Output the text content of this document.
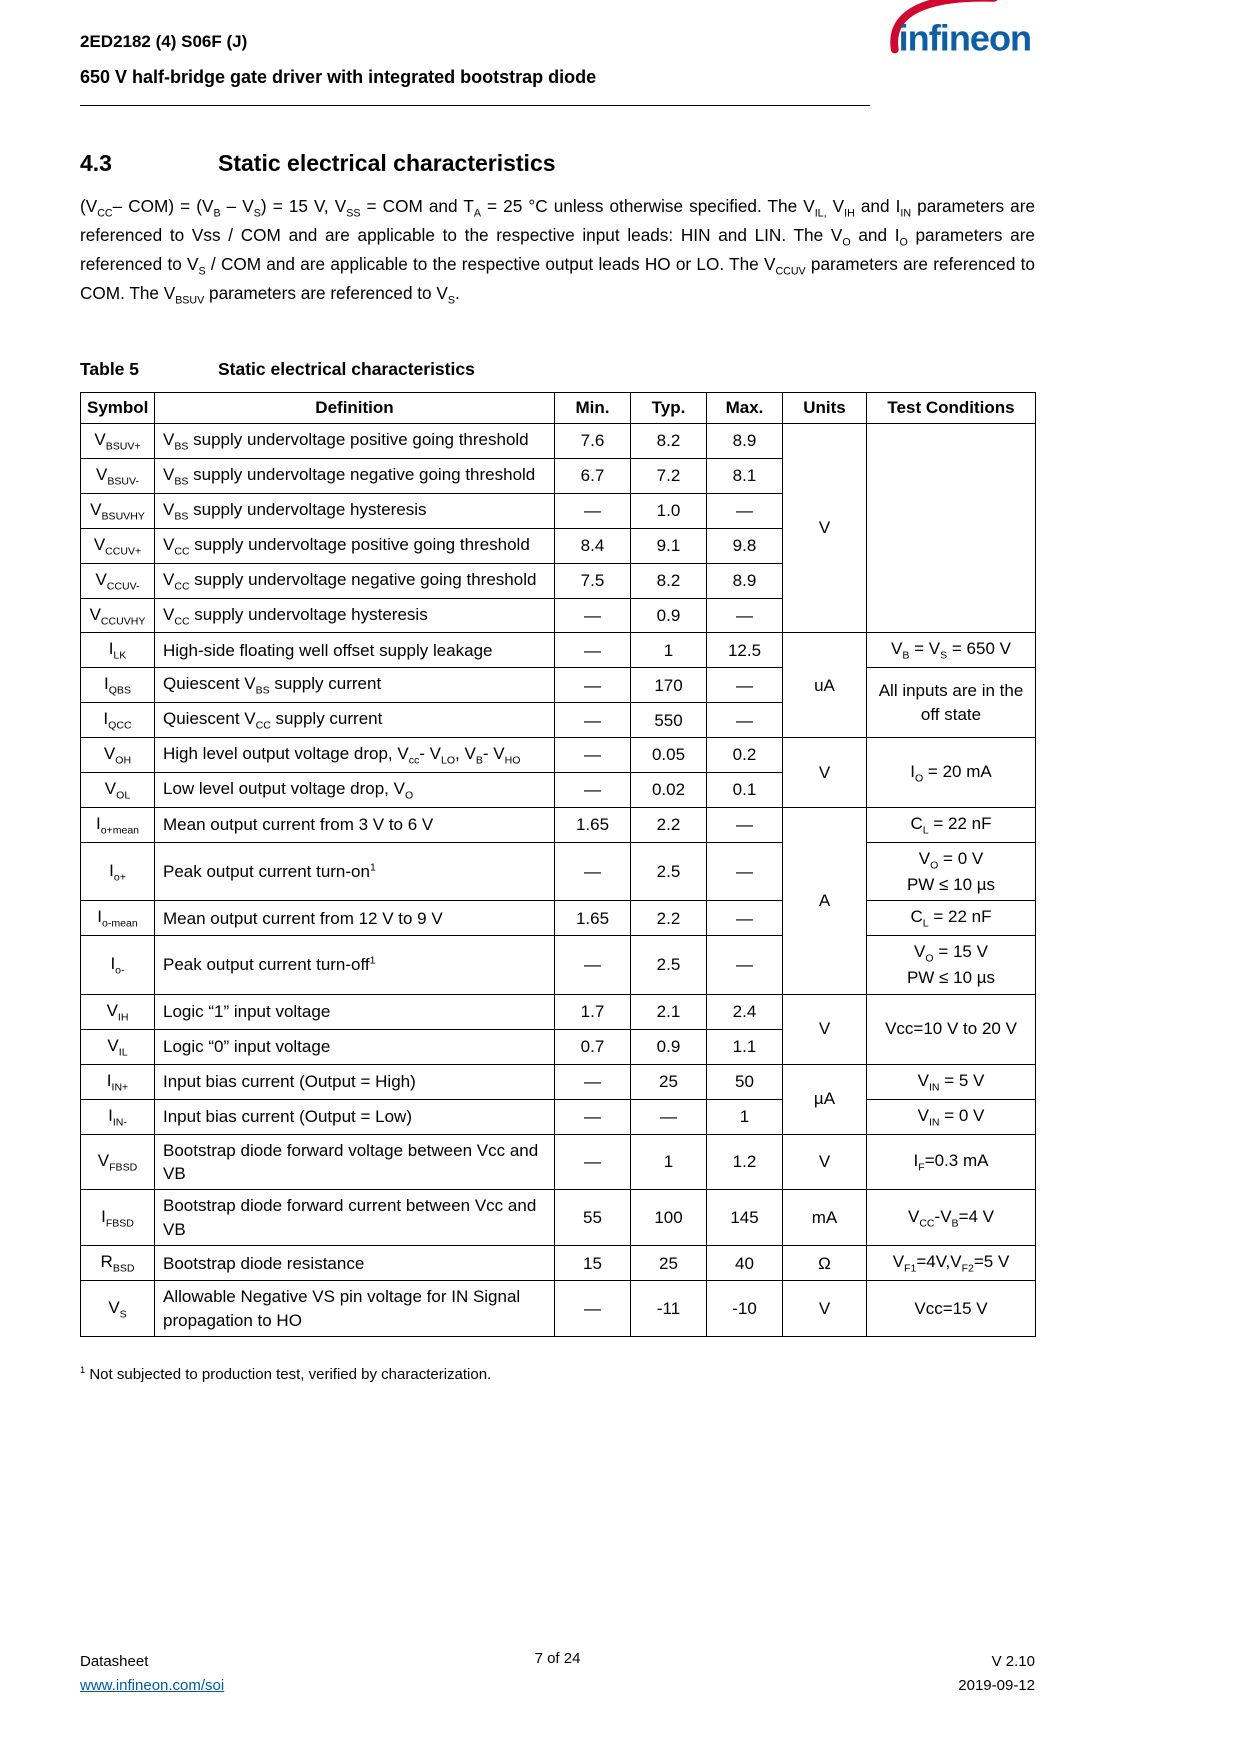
2ED2182 (4) S06F (J)
650 V half-bridge gate driver with integrated bootstrap diode
infineon
4.3	Static electrical characteristics

($V_{CC}-$ $COM) = (V_B - V_S) = 15$ V, $V_{SS}$ = COM and $T_A = 25$ °C unless otherwise specified. The $V_{IL,}$ $V_{IH}$ and $I_{IN}$ parameters are referenced to Vss / COM and are applicable to the respective input leads: HIN and LIN. The $V_O$ and $I_O$ parameters are referenced to $V_S$ / COM and are applicable to the respective output leads HO or LO. The $V_{CCUV}$ parameters are referenced to COM. The $V_{BSUV}$ parameters are referenced to $V_S$.

Table 5	Static electrical characteristics
Symbol	Definition	Min.	Typ.	Max.	Units	Test Conditions
$V_{BSUV+}$	$V_{BS}$ supply undervoltage positive going threshold	7.6	8.2	8.9	V	
$V_{BSUV-}$	$V_{BS}$ supply undervoltage negative going threshold	6.7	7.2	8.1		
$V_{BSUVHY}$	$V_{BS}$ supply undervoltage hysteresis	—	1.0	—		
$V_{CCUV+}$	$V_{CC}$ supply undervoltage positive going threshold	8.4	9.1	9.8		
$V_{CCUV-}$	$V_{CC}$ supply undervoltage negative going threshold	7.5	8.2	8.9		
$V_{CCUVHY}$	$V_{CC}$ supply undervoltage hysteresis	—	0.9	—		
$I_{LK}$	High-side floating well offset supply leakage	—	1	12.5	uA	$V_B = V_S = 650$ V
$I_{QBS}$	Quiescent $V_{BS}$ supply current	—	170	—		All inputs are in the off state
$I_{QCC}$	Quiescent $V_{CC}$ supply current	—	550	—		
$V_{OH}$	High level output voltage drop, $V_{cc}-$ $V_{LO}$, $V_B-$ $V_{HO}$	—	0.05	0.2	V	$I_O = 20$ mA
$V_{OL}$	Low level output voltage drop, $V_O$	—	0.02	0.1		
$I_{o+mean}$	Mean output current from 3 V to 6 V	1.65	2.2	—	A	$C_L = 22$ nF
$I_{o+}$	Peak output current turn-$on^1$	—	2.5	—		$V_O = 0$ V
PW ≤ 10 µs
$I_{o-mean}$	Mean output current from 12 V to 9 V	1.65	2.2	—		$C_L = 22$ nF
$I_{o-}$	Peak output current turn-off$^1$	—	2.5	—		$V_O = 15$ V
PW ≤ 10 µs
$V_{IH}$	Logic “1” input voltage	1.7	2.1	2.4	V	Vcc=10 V to 20 V
$V_{IL}$	Logic “0” input voltage	0.7	0.9	1.1		
$I_{IN+}$	Input bias current (Output = High)	—	25	50	µA	$V_{IN} = 5$ V
$I_{IN-}$	Input bias current (Output = Low)	—	—	1		$V_{IN} = 0$ V
$V_{FBSD}$	Bootstrap diode forward voltage between Vcc and VB	—	1	1.2	V	$I_F=0.3$ mA
$I_{FBSD}$	Bootstrap diode forward current between Vcc and VB	55	100	145	mA	$V_{CC}-V_B=4$ V
$R_{BSD}$	Bootstrap diode resistance	15	25	40	Ω	$V_{F1}=4V,V_{F2}=5$ V
$V_S$	Allowable Negative VS pin voltage for IN Signal propagation to HO	—	-11	-10	V	Vcc=15 V

$^1$ Not subjected to production test, verified by characterization.

Datasheet
www.infineon.com/soi
7 of 24	V 2.10
2019-09-12
